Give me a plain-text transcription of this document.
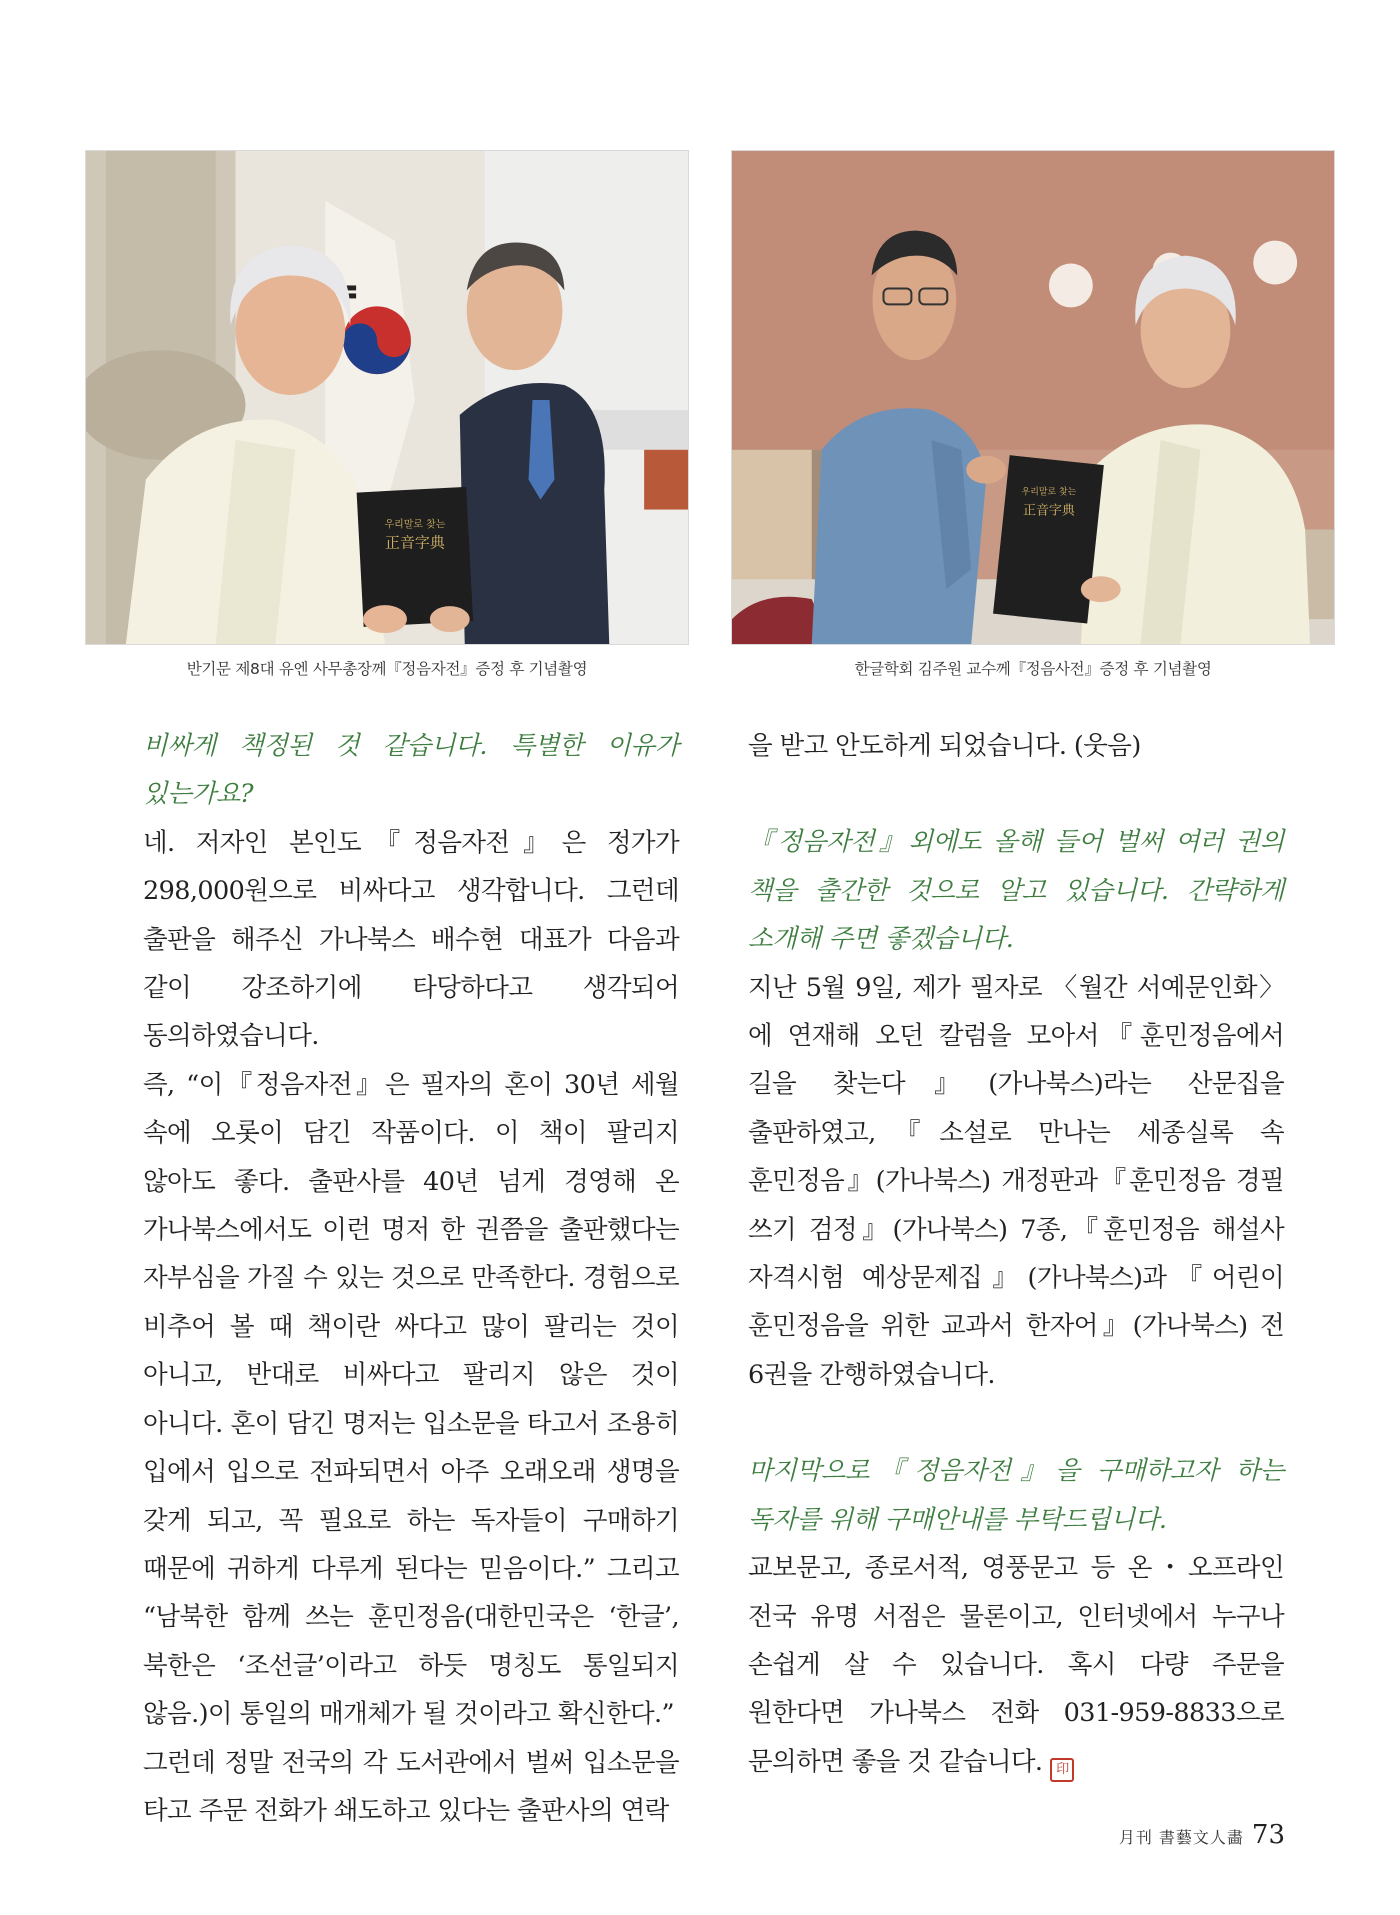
우리말로 찾는
正音字典
우리말로 찾는
正音字典
반기문 제8대 유엔 사무총장께『정음자전』증정 후 기념촬영	한글학회 김주원 교수께『정음사전』증정 후 기념촬영
비싸게 책정된 것 같습니다. 특별한 이유가 있는가요?
네. 저자인 본인도『정음자전』은 정가가 298,000원으로 비싸다고 생각합니다. 그런데 출판을 해주신 가나북스 배수현 대표가 다음과 같이 강조하기에 타당하다고 생각되어 동의하였습니다.
즉, “이『정음자전』은 필자의 혼이 30년 세월 속에 오롯이 담긴 작품이다. 이 책이 팔리지 않아도 좋다. 출판사를 40년 넘게 경영해 온 가나북스에서도 이런 명저 한 권쯤을 출판했다는 자부심을 가질 수 있는 것으로 만족한다. 경험으로 비추어 볼 때 책이란 싸다고 많이 팔리는 것이 아니고, 반대로 비싸다고 팔리지 않은 것이 아니다. 혼이 담긴 명저는 입소문을 타고서 조용히 입에서 입으로 전파되면서 아주 오래오래 생명을 갖게 되고, 꼭 필요로 하는 독자들이 구매하기 때문에 귀하게 다루게 된다는 믿음이다.” 그리고 “남북한 함께 쓰는 훈민정음(대한민국은 ‘한글’, 북한은 ‘조선글’이라고 하듯 명칭도 통일되지 않음.)이 통일의 매개체가 될 것이라고 확신한다.”
그런데 정말 전국의 각 도서관에서 벌써 입소문을 타고 주문 전화가 쇄도하고 있다는 출판사의 연락
을 받고 안도하게 되었습니다. (웃음)
『정음자전』외에도 올해 들어 벌써 여러 권의 책을 출간한 것으로 알고 있습니다. 간략하게 소개해 주면 좋겠습니다.
지난 5월 9일, 제가 필자로 〈월간 서예문인화〉에 연재해 오던 칼럼을 모아서『훈민정음에서 길을 찾는다』(가나북스)라는 산문집을 출판하였고,『소설로 만나는 세종실록 속 훈민정음』(가나북스) 개정판과『훈민정음 경필 쓰기 검정』(가나북스) 7종,『훈민정음 해설사 자격시험 예상문제집』(가나북스)과『어린이 훈민정음을 위한 교과서 한자어』(가나북스) 전 6권을 간행하였습니다.
마지막으로『정음자전』을 구매하고자 하는 독자를 위해 구매안내를 부탁드립니다.
교보문고, 종로서적, 영풍문고 등 온・오프라인 전국 유명 서점은 물론이고, 인터넷에서 누구나 손쉽게 살 수 있습니다. 혹시 다량 주문을 원한다면 가나북스 전화 031-959-8833으로 문의하면 좋을 것 같습니다. 印
月刊 書藝文人畵 73
